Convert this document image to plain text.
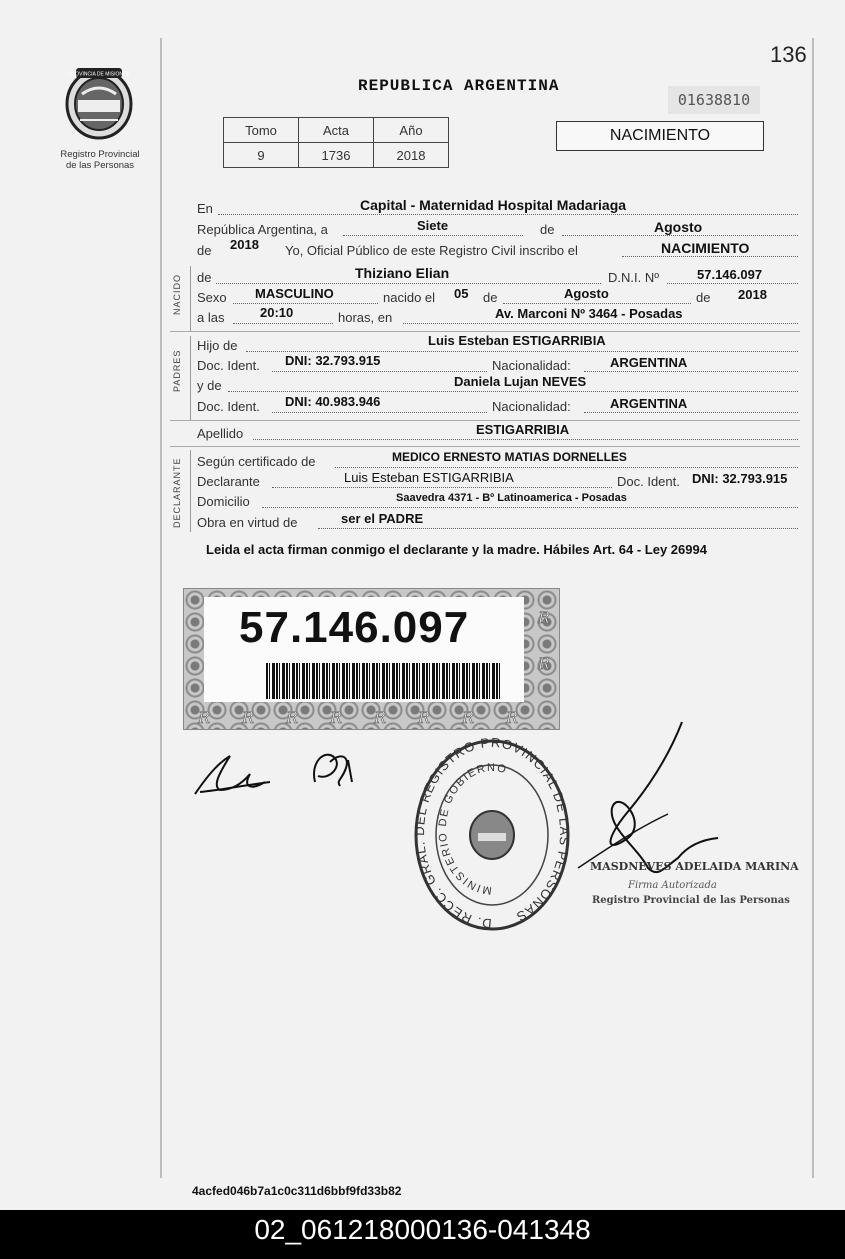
PROVINCIA DE MISIONES
Registro Provincial
de las Personas
136
REPUBLICA ARGENTINA
01638810
Tomo	Acta	Año
9	1736	2018
NACIMIENTO
En	Capital - Maternidad Hospital Madariaga
República Argentina, a	Siete	de	Agosto
de 2018 Yo, Oficial Público de este Registro Civil inscribo el	NACIMIENTO
NACIDO de	Thiziano Elian	D.N.I. Nº	57.146.097
Sexo MASCULINO	nacido el 05 de	Agosto	de 2018
a las	20:10	horas, en	Av. Marconi Nº 3464 - Posadas
PADRES
Hijo de	Luis Esteban ESTIGARRIBIA
Doc. Ident. DNI: 32.793.915	Nacionalidad:	ARGENTINA
y de	Daniela Lujan NEVES
Doc. Ident. DNI: 40.983.946	Nacionalidad:	ARGENTINA
Apellido	ESTIGARRIBIA
DECLARANTE Según certificado de	MEDICO ERNESTO MATIAS DORNELLES
Declarante	Luis Esteban ESTIGARRIBIA	Doc. Ident. DNI: 32.793.915
Domicilio	Saavedra 4371 - Bº Latinoamerica - Posadas
Obra en virtud de	ser el PADRE
Leida el acta firman conmigo el declarante y la madre. Hábiles Art. 64 - Ley 26994
57.146.097
R R R R R R R R
R
R
D. RECC. GRAL. DEL REGISTRO PROVINCIAL DE LAS PERSONAS
MINISTERIO DE GOBIERNO
MASDNEVES ADELAIDA MARINA
Firma Autorizada
Registro Provincial de las Personas
4acfed046b7a1c0c311d6bbf9fd33b82
02_061218000136-041348
